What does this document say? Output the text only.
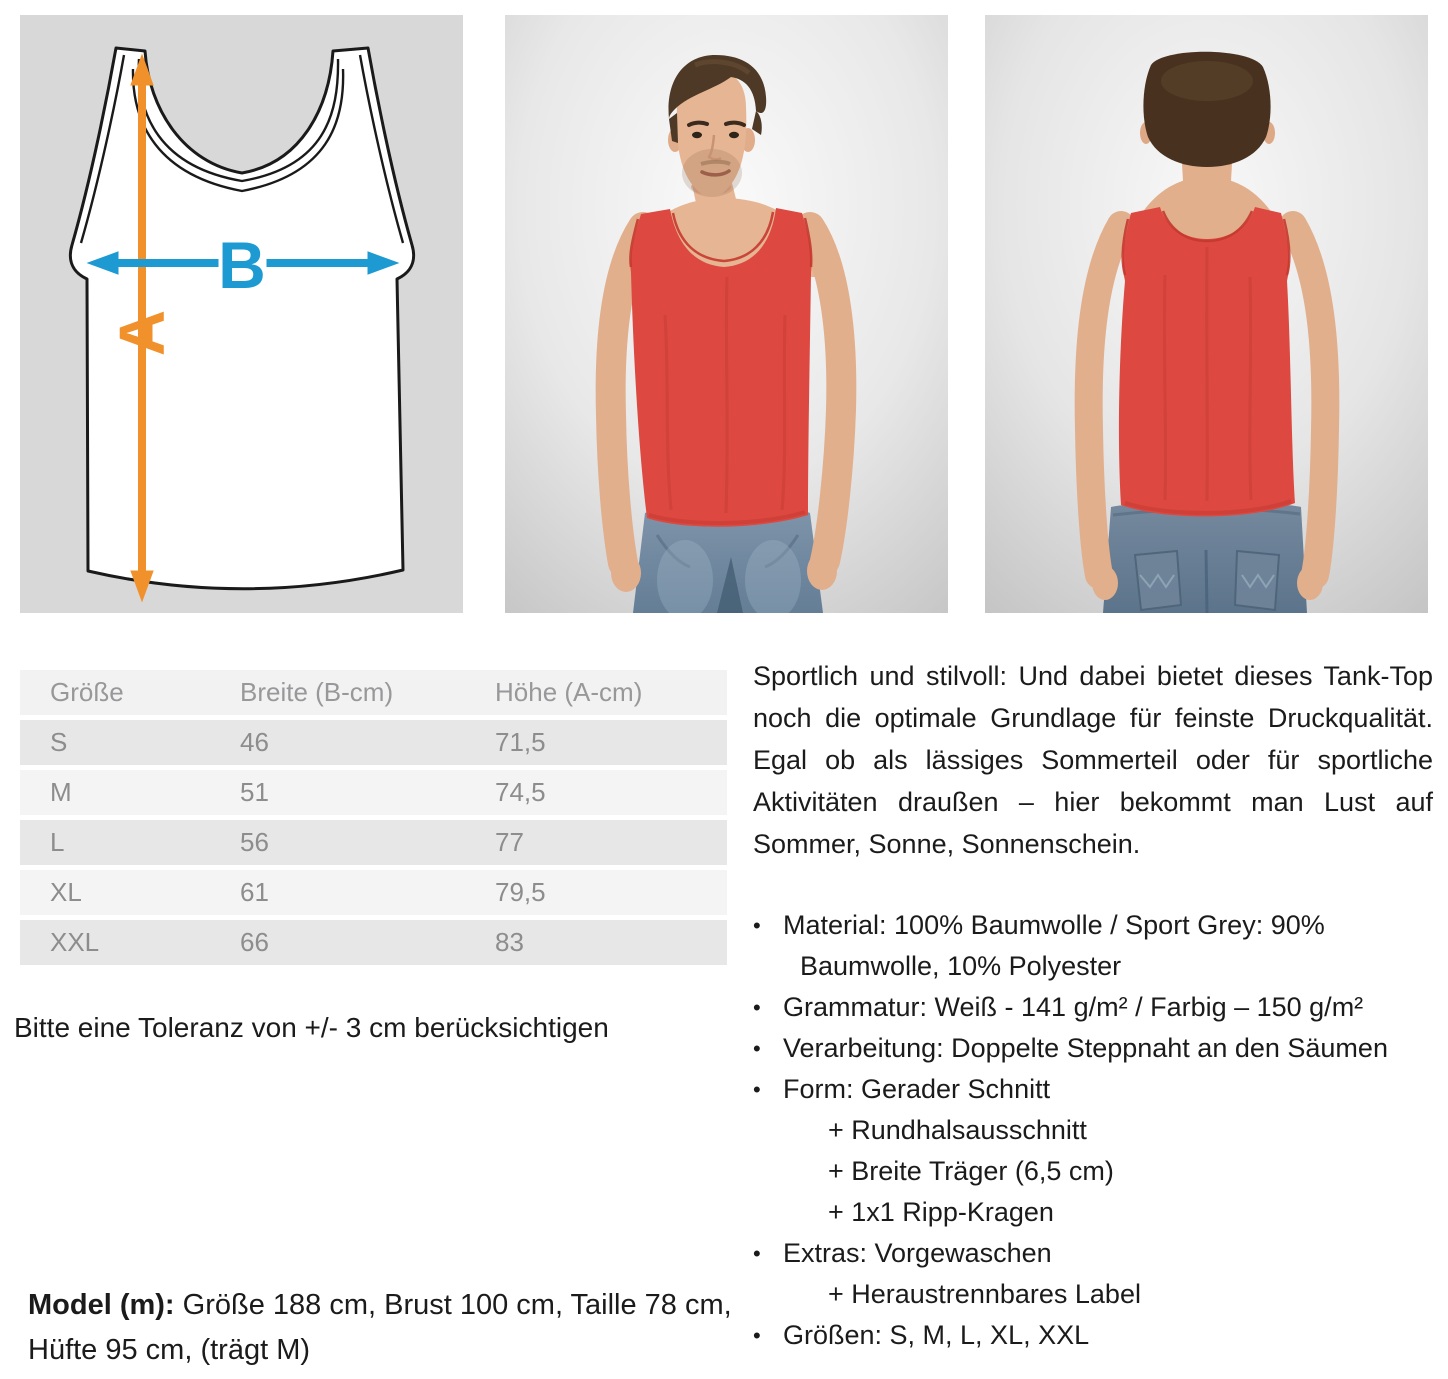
A
B
Größe	Breite (B-cm)	Höhe (A-cm)
S	46	71,5
M	51	74,5
L	56	77
XL	61	79,5
XXL	66	83

Bitte eine Toleranz von +/- 3 cm berücksichtigen

Sportlich und stilvoll: Und dabei bietet dieses Tank-Top noch die optimale Grundlage für feinste Druckqualität. Egal ob als lässiges Sommerteil oder für sportliche Aktivitäten draußen – hier bekommt man Lust auf Sommer, Sonne, Sonnenschein.

• Material: 100% Baumwolle / Sport Grey: 90%
Baumwolle, 10% Polyester
• Grammatur: Weiß - 141 g/m² / Farbig – 150 g/m²
• Verarbeitung: Doppelte Steppnaht an den Säumen
• Form: Gerader Schnitt
+ Rundhalsausschnitt
+ Breite Träger (6,5 cm)
+ 1x1 Ripp-Kragen
• Extras: Vorgewaschen
+ Heraustrennbares Label
• Größen: S, M, L, XL, XXL

Model (m): Größe 188 cm, Brust 100 cm, Taille 78 cm, Hüfte 95 cm, (trägt M)
